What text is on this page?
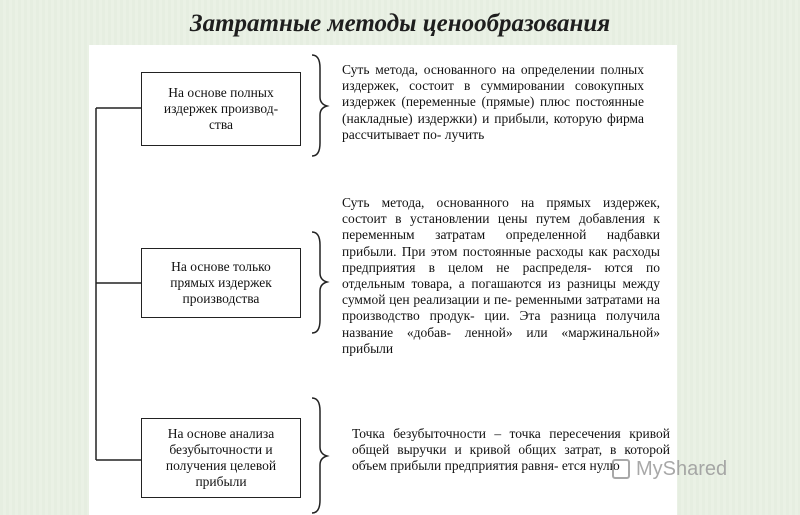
Затратные методы ценообразования
На основе полных
издержек производ-
ства
На основе только
прямых издержек
производства
На основе анализа
безубыточности и
получения целевой
прибыли

Суть метода, основанного на определении полных издержек, состоит в суммировании совокупных издержек (переменные (прямые) плюс постоянные (накладные) издержки) и прибыли, которую фирма рассчитывает по- лучить

Суть метода, основанного на прямых издержек, состоит в установлении цены путем добавления к переменным затратам определенной надбавки прибыли. При этом постоянные расходы как расходы предприятия в целом не распределя- ются по отдельным товара, а погашаются из разницы между суммой цен реализации и пе- ременными затратами на производство продук- ции. Эта разница получила название «добав- ленной» или «маржинальной» прибыли

Точка безубыточности – точка пересечения кривой общей выручки и кривой общих затрат, в которой объем прибыли предприятия равня- ется нулю MyShared
